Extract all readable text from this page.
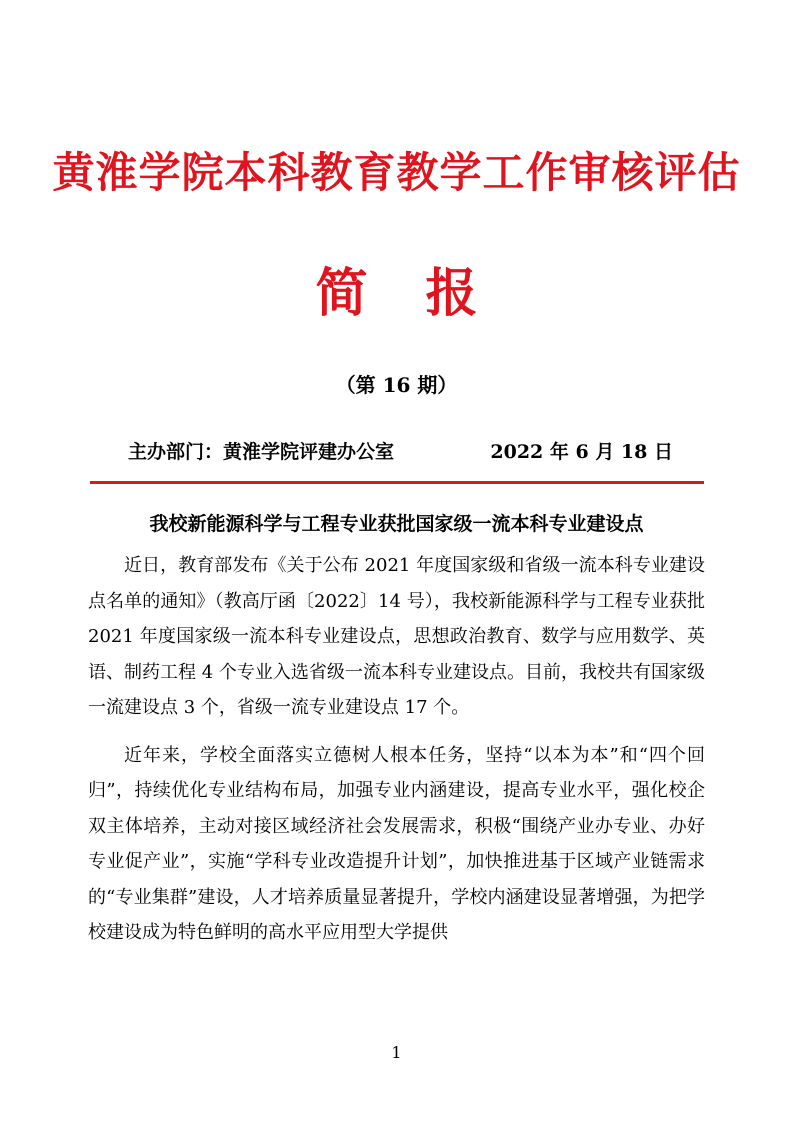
黄淮学院本科教育教学工作审核评估
简 报
（第 16 期）
主办部门：黄淮学院评建办公室	2022 年 6 月 18 日
我校新能源科学与工程专业获批国家级一流本科专业建设点

近日，教育部发布《关于公布 2021 年度国家级和省级一流本科专业建设点名单的通知》（教高厅函〔2022〕14 号），我校新能源科学与工程专业获批 2021 年度国家级一流本科专业建设点，思想政治教育、数学与应用数学、英语、制药工程 4 个专业入选省级一流本科专业建设点。目前，我校共有国家级一流建设点 3 个，省级一流专业建设点 17 个。

近年来，学校全面落实立德树人根本任务，坚持“以本为本”和“四个回归”，持续优化专业结构布局，加强专业内涵建设，提高专业水平，强化校企双主体培养，主动对接区域经济社会发展需求，积极“围绕产业办专业、办好专业促产业”，实施“学科专业改造提升计划”，加快推进基于区域产业链需求的“专业集群”建设，人才培养质量显著提升，学校内涵建设显著增强，为把学校建设成为特色鲜明的高水平应用型大学提供

1
